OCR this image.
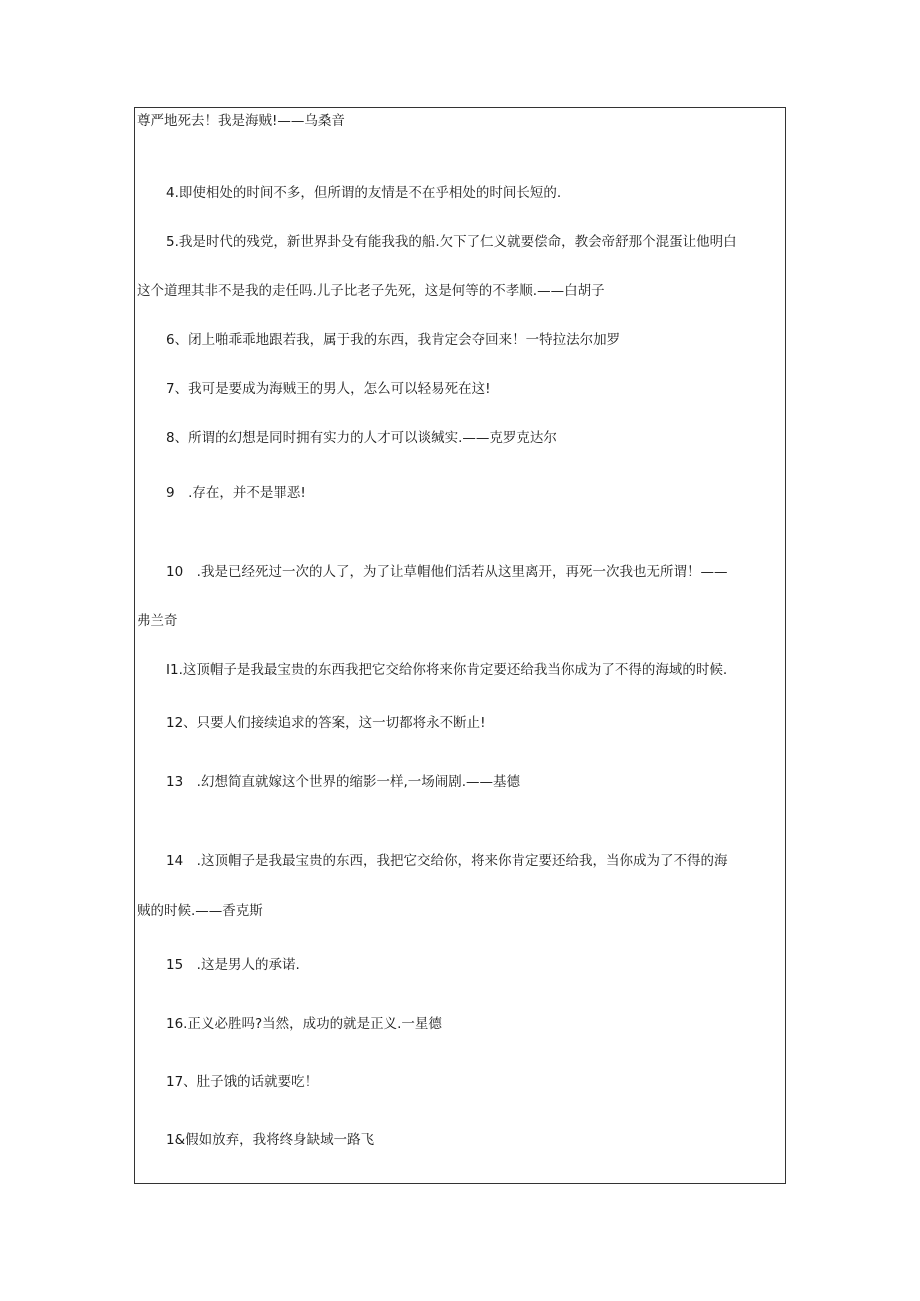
尊严地死去！我是海贼!——乌桑音
4.即使相处的时间不多，但所谓的友情是不在乎相处的时间长短的.
5.我是时代的残党，新世界卦殳有能我我的船.欠下了仁义就要偿命，教会帝舒那个混蛋让他明白
这个道理其非不是我的走任吗.儿子比老子先死，这是何等的不孝顺.——白胡子
6、闭上啪乖乖地跟若我，属于我的东西，我肯定会夺回来！一特拉法尔加罗
7、我可是要成为海贼王的男人，怎么可以轻易死在这!
8、所谓的幻想是同时拥有实力的人才可以谈缄实.——克罗克达尔
9　.存在，并不是罪恶!
10　.我是已经死过一次的人了，为了让草帽他们活若从这里离开，再死一次我也无所谓！——
弗兰奇
I1.这顶帽子是我最宝贵的东西我把它交给你将来你肯定要还给我当你成为了不得的海域的时候.
12、只要人们接续追求的答案，这一切都将永不断止!
13　.幻想简直就嫁这个世界的缩影一样,一场闹剧.——基德
14　.这顶帽子是我最宝贵的东西，我把它交给你，将来你肯定要还给我，当你成为了不得的海
贼的时候.——香克斯
15　.这是男人的承诺.
16.正义必胜吗?当然，成功的就是正义.一星德
17、肚子饿的话就要吃！
1&假如放弃，我将终身缺域一路飞
